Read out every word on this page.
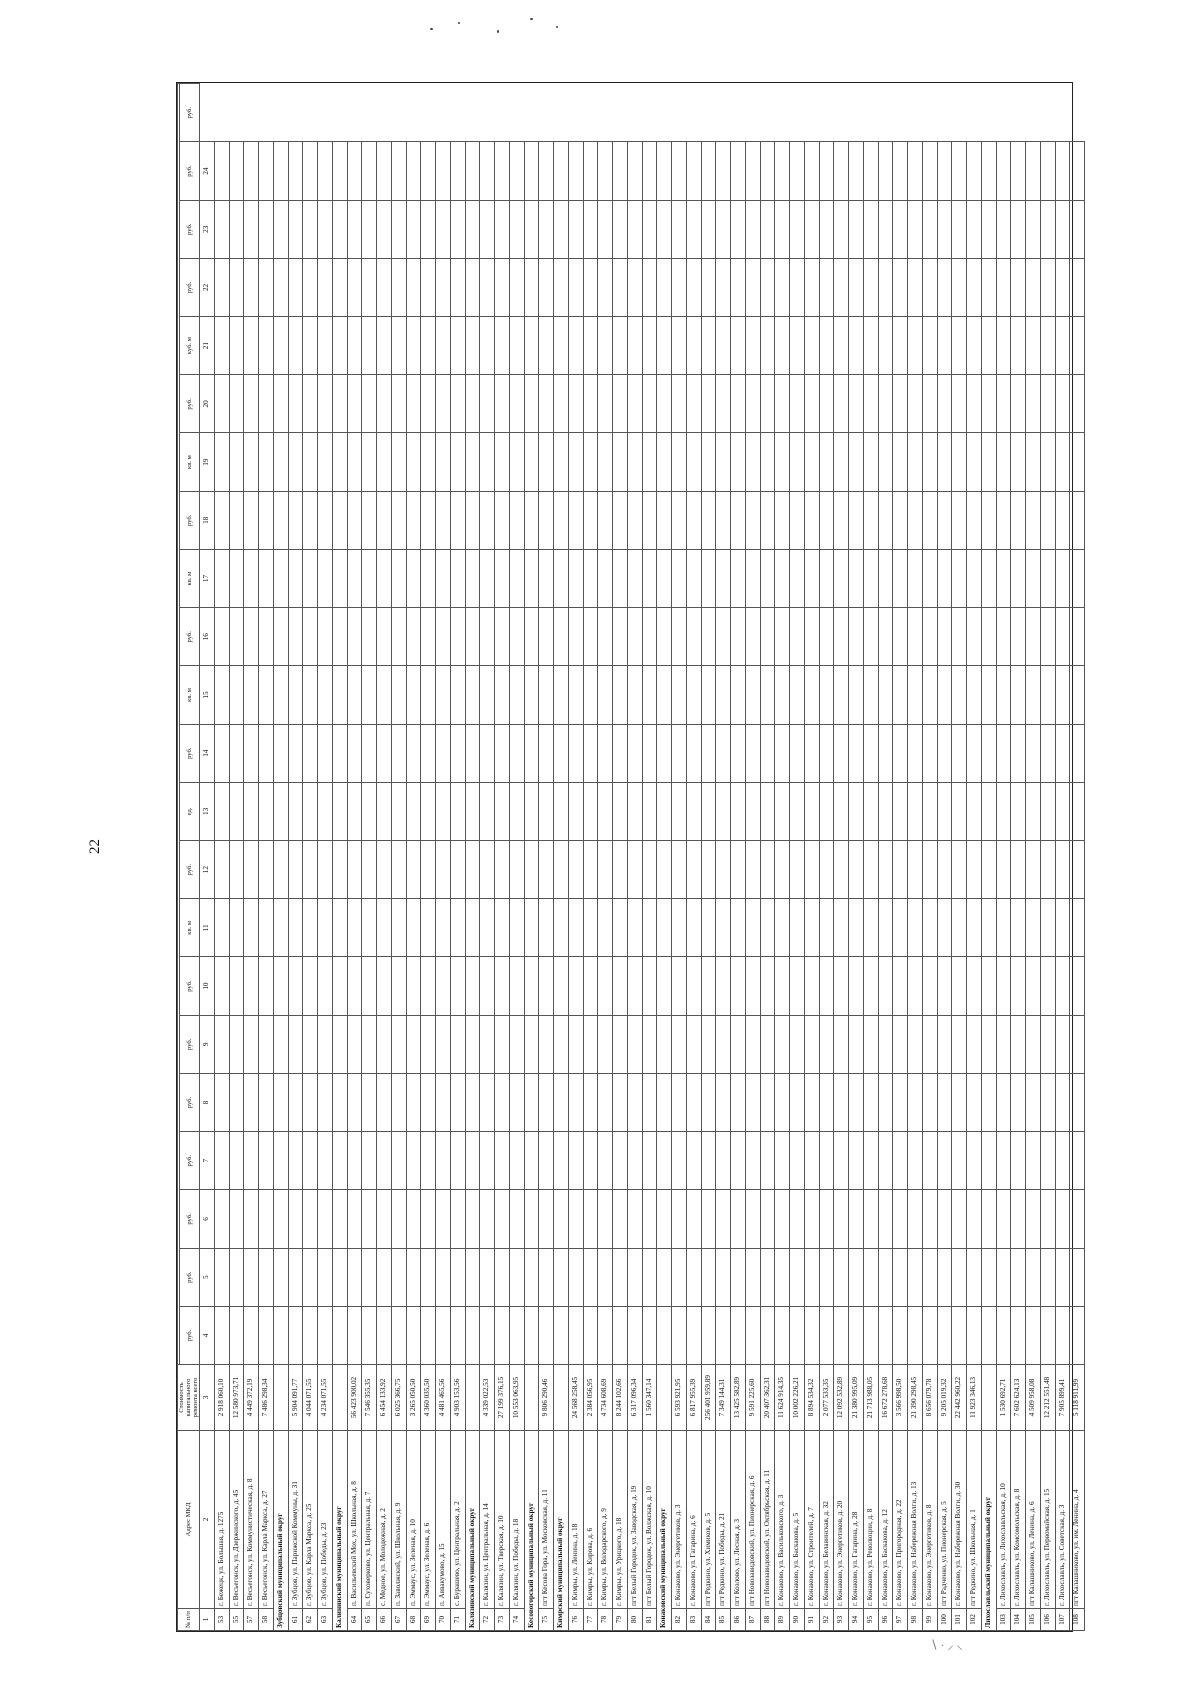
22
№ п/п	Адрес МКД	Стоимость капитального ремонта всего																						
			руб.	руб.	руб.	руб.	руб.	руб.	руб.	кв. м	руб.	ед.	руб.	кв. м	руб.	кв. м	руб.	кв. м	руб.	куб. м	руб.	руб.	руб.	руб.
1	2	3	4	5	6	7	8	9	10	11	12	13	14	15	16	17	18	19	20	21	22	23	24	
53	г. Бежецк, ул. Большая, д. 1275	2 918 060,10																						
55	г. Весьегонск, ул. Дзержинского, д. 45	12 580 973,71																						
57	г. Весьегонск, ул. Коммунистическая, д. 8	4 449 372,19																						
58	г. Весьегонск, ул. Карла Маркса, д. 27	7 486 298,34																						
Зубцовский муниципальный округ																								
61	г. Зубцов, ул. Парижской Коммуны, д. 31	5 904 091,77																						
62	г. Зубцов, ул. Карла Маркса, д. 25	4 044 071,55																						
63	г. Зубцов, ул. Победы, д. 23	4 234 071,55																						
Калининский муниципальный округ																								
64	п. Васильевский Мох, ул. Школьная, д. 8	56 423 900,02																						
65	п. Суховерково, ул. Центральная, д. 7	7 546 355,35																						
66	с. Медное, ул. Молодежная, д. 2	6 454 133,92																						
67	п. Заволжский, ул. Школьная, д. 9	6 025 366,75																						
68	п. Эммаус, ул. Зеленая, д. 10	3 265 050,50																						
69	п. Эммаус, ул. Зеленая, д. 6	4 360 035,50																						
70	п. Аввакумово, д. 15	4 481 465,56																						
71	с. Бурашево, ул. Центральная, д. 2	4 903 153,56																						
Калязинский муниципальный округ																								
72	г. Калязин, ул. Центральная, д. 14	4 339 022,53																						
73	г. Калязин, ул. Тверская, д. 10	27 199 376,15																						
74	г. Калязин, ул. Победы, д. 18	10 553 063,95																						
Кесовогорский муниципальный округ																								
75	пгт Кесова Гора, ул. Московская, д. 11	9 806 290,46																						
Кимрский муниципальный округ																								
76	г. Кимры, ул. Ленина, д. 18	24 568 258,45																						
77	г. Кимры, ул. Кирова, д. 6	2 384 056,95																						
78	г. Кимры, ул. Володарского, д. 9	4 734 608,69																						
79	г. Кимры, ул. Урицкого, д. 18	8 244 102,66																						
80	пгт Белый Городок, ул. Заводская, д. 19	6 317 096,34																						
81	пгт Белый Городок, ул. Волжская, д. 10	1 560 347,14																						
Конаковский муниципальный округ																								
82	г. Конаково, ул. Энергетиков, д. 3	6 593 921,95																						
83	г. Конаково, ул. Гагарина, д. 6	6 817 955,39																						
84	пгт Редкино, ул. Химиков, д. 5	256 401 959,89																						
85	пгт Редкино, ул. Победы, д. 21	7 349 144,31																						
86	пгт Козлово, ул. Лесная, д. 3	13 425 582,89																						
87	пгт Новозавидовский, ул. Пионерская, д. 6	9 591 225,60																						
88	пгт Новозавидовский, ул. Октябрьская, д. 11	20 407 362,31																						
89	г. Конаково, ул. Васильковского, д. 3	11 624 914,35																						
90	г. Конаково, ул. Баскакова, д. 5	10 002 226,21																						
91	г. Конаково, ул. Строителей, д. 7	8 894 534,32																						
92	г. Конаково, ул. Белавинская, д. 32	2 077 533,35																						
93	г. Конаково, ул. Энергетиков, д. 20	12 092 532,89																						
94	г. Конаково, ул. Гагарина, д. 28	21 380 995,09																						
95	г. Конаково, ул. Революции, д. 8	21 713 988,05																						
96	г. Конаково, ул. Баскакова, д. 12	16 672 278,68																						
97	г. Конаково, ул. Пригородная, д. 22	3 566 998,50																						
98	г. Конаково, ул. Набережная Волги, д. 13	21 390 298,45																						
99	г. Конаково, ул. Энергетиков, д. 8	8 656 079,78																						
100	пгт Радченко, ул. Пионерская, д. 5	9 205 019,32																						
101	г. Конаково, ул. Набережная Волги, д. 30	22 442 960,22																						
102	пгт Редкино, ул. Школьная, д. 1	11 923 346,13																						
Лихославльский муниципальный округ																								
103	г. Лихославль, ул. Лихославльская, д. 10	1 530 692,71																						
104	г. Лихославль, ул. Комсомольская, д. 8	7 602 624,13																						
105	пгт Калашниково, ул. Ленина, д. 6	4 509 958,08																						
106	г. Лихославль, ул. Первомайская, д. 15	12 212 551,48																						
107	г. Лихославль, ул. Советская, д. 3	7 905 899,41																						
108	пгт Калашниково, ул. им. Ленина, д. 4	5 118 911,99																						
∖ · ⸝ ⸜
